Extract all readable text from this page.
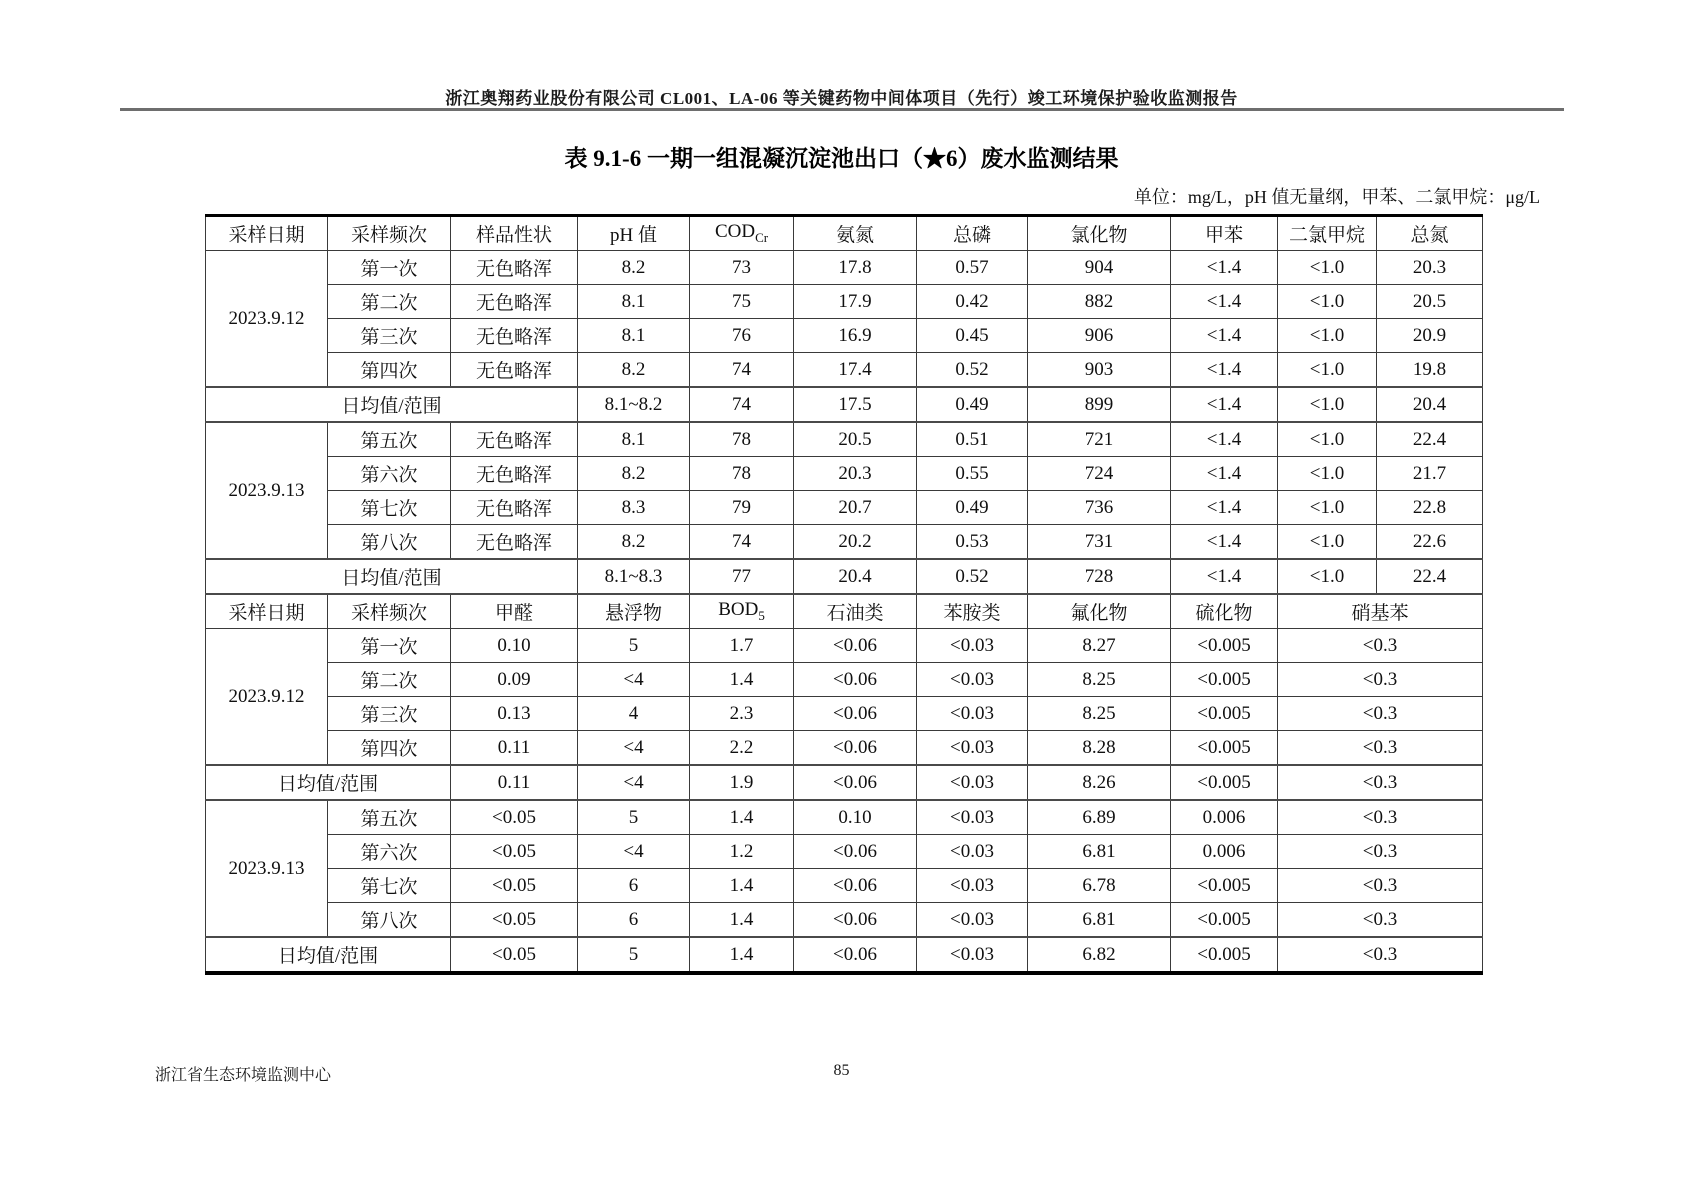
浙江奥翔药业股份有限公司 CL001、LA-06 等关键药物中间体项目（先行）竣工环境保护验收监测报告
表 9.1-6 一期一组混凝沉淀池出口（★6）废水监测结果
单位：mg/L，pH 值无量纲，甲苯、二氯甲烷：μg/L
采样日期	采样频次	样品性状	pH 值	$COD_{Cr}$	氨氮	总磷	氯化物	甲苯	二氯甲烷	总氮
2023.9.12	第一次	无色略浑	8.2	73	17.8	0.57	904	<1.4	<1.0	20.3
	第二次	无色略浑	8.1	75	17.9	0.42	882	<1.4	<1.0	20.5
	第三次	无色略浑	8.1	76	16.9	0.45	906	<1.4	<1.0	20.9
	第四次	无色略浑	8.2	74	17.4	0.52	903	<1.4	<1.0	19.8
日均值/范围			8.1~8.2	74	17.5	0.49	899	<1.4	<1.0	20.4
2023.9.13	第五次	无色略浑	8.1	78	20.5	0.51	721	<1.4	<1.0	22.4
	第六次	无色略浑	8.2	78	20.3	0.55	724	<1.4	<1.0	21.7
	第七次	无色略浑	8.3	79	20.7	0.49	736	<1.4	<1.0	22.8
	第八次	无色略浑	8.2	74	20.2	0.53	731	<1.4	<1.0	22.6
日均值/范围			8.1~8.3	77	20.4	0.52	728	<1.4	<1.0	22.4
采样日期	采样频次	甲醛	悬浮物	$BOD_5$	石油类	苯胺类	氟化物	硫化物	硝基苯	
2023.9.12	第一次	0.10	5	1.7	<0.06	<0.03	8.27	<0.005	<0.3	
	第二次	0.09	<4	1.4	<0.06	<0.03	8.25	<0.005	<0.3	
	第三次	0.13	4	2.3	<0.06	<0.03	8.25	<0.005	<0.3	
	第四次	0.11	<4	2.2	<0.06	<0.03	8.28	<0.005	<0.3	
日均值/范围		0.11	<4	1.9	<0.06	<0.03	8.26	<0.005	<0.3	
2023.9.13	第五次	<0.05	5	1.4	0.10	<0.03	6.89	0.006	<0.3	
	第六次	<0.05	<4	1.2	<0.06	<0.03	6.81	0.006	<0.3	
	第七次	<0.05	6	1.4	<0.06	<0.03	6.78	<0.005	<0.3	
	第八次	<0.05	6	1.4	<0.06	<0.03	6.81	<0.005	<0.3	
日均值/范围		<0.05	5	1.4	<0.06	<0.03	6.82	<0.005	<0.3	
浙江省生态环境监测中心	85
